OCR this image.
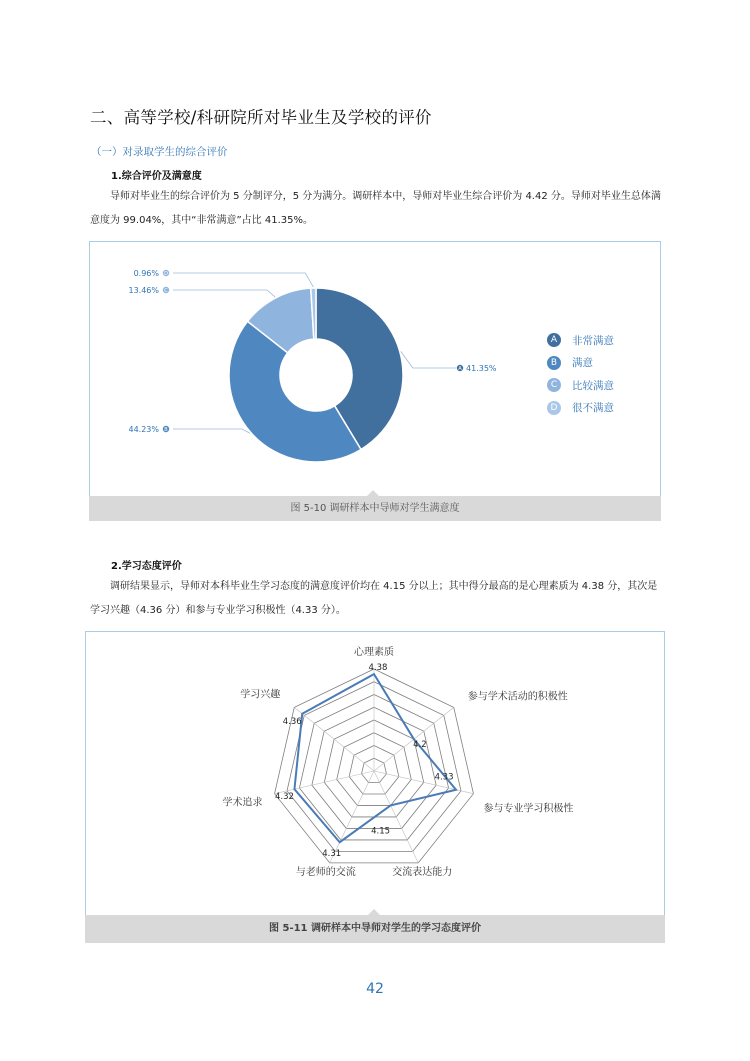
二、高等学校/科研院所对毕业生及学校的评价
（一）对录取学生的综合评价
1.综合评价及满意度
导师对毕业生的综合评价为 5 分制评分，5 分为满分。调研样本中，导师对毕业生综合评价为 4.42 分。导师对毕业生总体满意度为 99.04%，其中“非常满意”占比 41.35%。
A 41.35%
B
44.23%
C
13.46%
D
0.96%
A	非常满意
B	满意
C	比较满意
D	很不满意
图 5-10 调研样本中导师对学生满意度
2.学习态度评价
调研结果显示，导师对本科毕业生学习态度的满意度评价均在 4.15 分以上；其中得分最高的是心理素质为 4.38 分，其次是学习兴趣（4.36 分）和参与专业学习积极性（4.33 分）。
心理素质
4.38
参与学术活动的积极性
4.2
参与专业学习积极性
4.33
交流表达能力
4.15
与老师的交流
4.31
学术追求
4.32
学习兴趣
4.36
图 5-11 调研样本中导师对学生的学习态度评价
42
